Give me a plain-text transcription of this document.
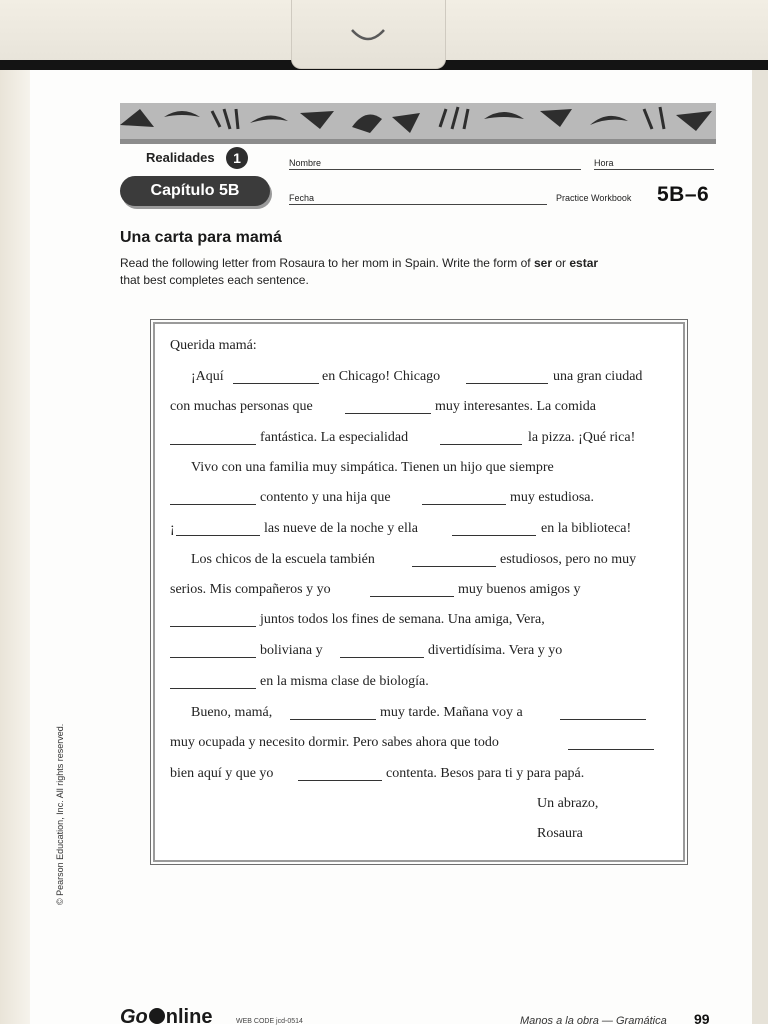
Realidades	1
Capítulo 5B
Nombre	Hora
Fecha	Practice Workbook 5B–6
Una carta para mamá
Read the following letter from Rosaura to her mom in Spain. Write the form of ser or estar
that best completes each sentence.
Querida mamá:
¡Aquí	en Chicago! Chicago	una gran ciudad
con muchas personas que	muy interesantes. La comida
fantástica. La especialidad	la pizza. ¡Qué rica!
Vivo con una familia muy simpática. Tienen un hijo que siempre
contento y una hija que	muy estudiosa.
¡	las nueve de la noche y ella	en la biblioteca!
Los chicos de la escuela también	estudiosos, pero no muy
serios. Mis compañeros y yo	muy buenos amigos y
juntos todos los fines de semana. Una amiga, Vera,
boliviana y	divertidísima. Vera y yo
en la misma clase de biología.
Bueno, mamá,	muy tarde. Mañana voy a
muy ocupada y necesito dormir. Pero sabes ahora que todo
bien aquí y que yo	contenta. Besos para ti y para papá.
Un abrazo,
Rosaura
© Pearson Education, Inc. All rights reserved.
Go nline	WEB CODE jcd-0514	Manos a la obra — Gramática 99
